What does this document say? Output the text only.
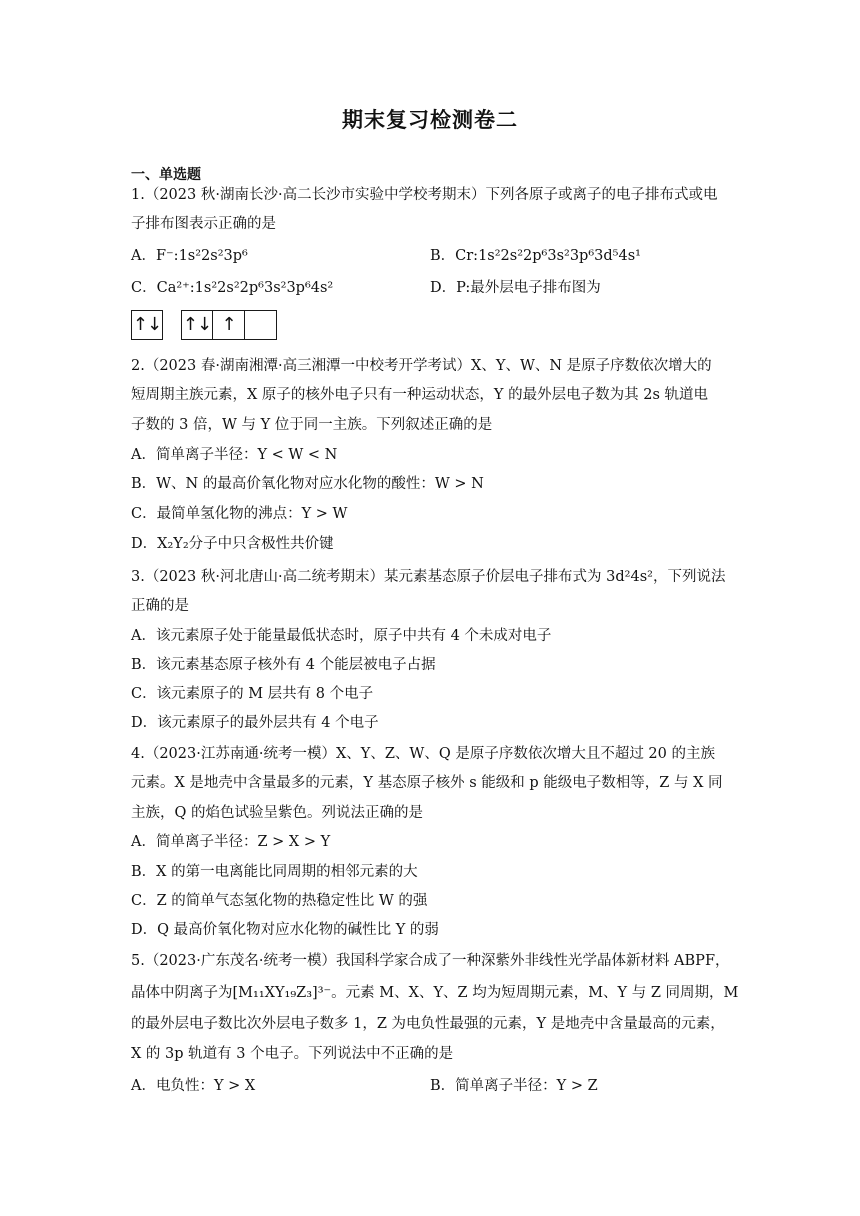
期末复习检测卷二
一、单选题
1.（2023 秋·湖南长沙·高二长沙市实验中学校考期末）下列各原子或离子的电子排布式或电
子排布图表示正确的是
A．F⁻:1s²2s²3p⁶	B．Cr:1s²2s²2p⁶3s²3p⁶3d⁵4s¹
C．Ca²⁺:1s²2s²2p⁶3s²3p⁶4s²	D．P:最外层电子排布图为
↑↓ ↑↓ ↑
2.（2023 春·湖南湘潭·高三湘潭一中校考开学考试）X、Y、W、N 是原子序数依次增大的
短周期主族元素，X 原子的核外电子只有一种运动状态，Y 的最外层电子数为其 2s 轨道电
子数的 3 倍，W 与 Y 位于同一主族。下列叙述正确的是
A．简单离子半径：Y < W < N
B．W、N 的最高价氧化物对应水化物的酸性：W > N
C．最简单氢化物的沸点：Y > W
D．X₂Y₂分子中只含极性共价键
3.（2023 秋·河北唐山·高二统考期末）某元素基态原子价层电子排布式为 3d²4s²，下列说法
正确的是
A．该元素原子处于能量最低状态时，原子中共有 4 个未成对电子
B．该元素基态原子核外有 4 个能层被电子占据
C．该元素原子的 M 层共有 8 个电子
D．该元素原子的最外层共有 4 个电子
4.（2023·江苏南通·统考一模）X、Y、Z、W、Q 是原子序数依次增大且不超过 20 的主族
元素。X 是地壳中含量最多的元素，Y 基态原子核外 s 能级和 p 能级电子数相等，Z 与 X 同
主族，Q 的焰色试验呈紫色。列说法正确的是
A．简单离子半径：Z > X > Y
B．X 的第一电离能比同周期的相邻元素的大
C．Z 的简单气态氢化物的热稳定性比 W 的强
D．Q 最高价氧化物对应水化物的碱性比 Y 的弱
5.（2023·广东茂名·统考一模）我国科学家合成了一种深紫外非线性光学晶体新材料 ABPF，
晶体中阴离子为[M₁₁XY₁₉Z₃]³⁻。元素 M、X、Y、Z 均为短周期元素，M、Y 与 Z 同周期，M
的最外层电子数比次外层电子数多 1，Z 为电负性最强的元素，Y 是地壳中含量最高的元素，
X 的 3p 轨道有 3 个电子。下列说法中不正确的是
A．电负性：Y > X	B．简单离子半径：Y > Z
